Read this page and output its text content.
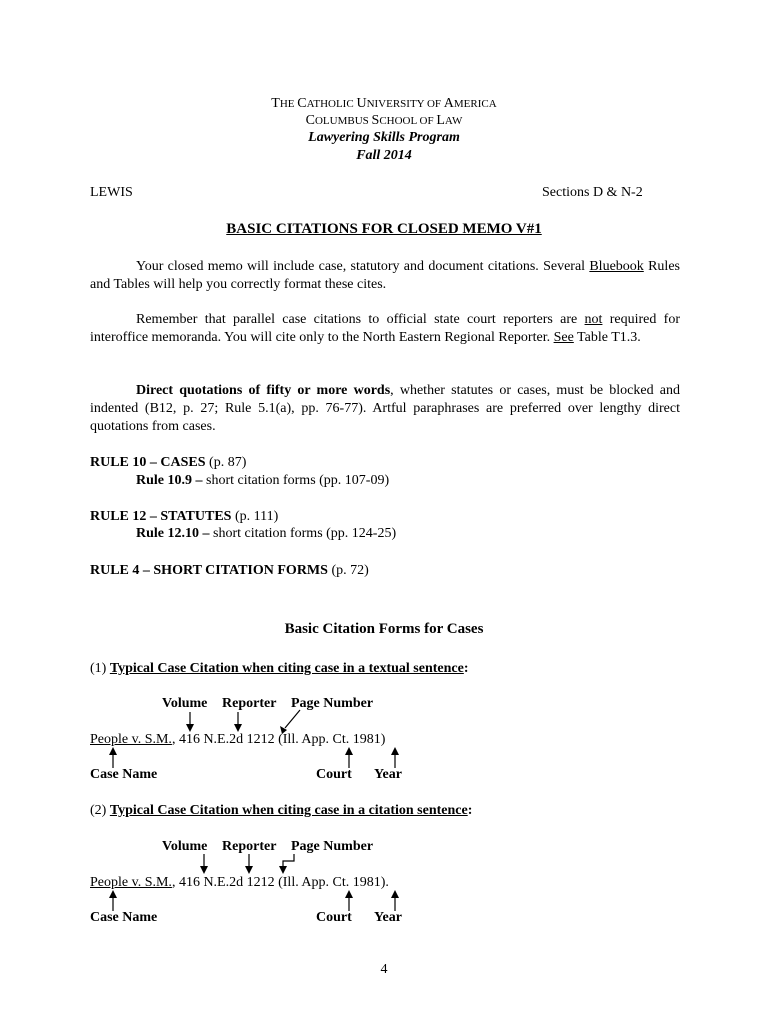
THE CATHOLIC UNIVERSITY OF AMERICA
COLUMBUS SCHOOL OF LAW
Lawyering Skills Program
Fall 2014
LEWIS	Sections D & N-2
BASIC CITATIONS FOR CLOSED MEMO V#1

Your closed memo will include case, statutory and document citations. Several Bluebook Rules and Tables will help you correctly format these cites.

Remember that parallel case citations to official state court reporters are not required for interoffice memoranda. You will cite only to the North Eastern Regional Reporter. See Table T1.3.

Direct quotations of fifty or more words, whether statutes or cases, must be blocked and indented (B12, p. 27; Rule 5.1(a), pp. 76-77). Artful paraphrases are preferred over lengthy direct quotations from cases.

RULE 10 – CASES (p. 87)
Rule 10.9 – short citation forms (pp. 107-09)
RULE 12 – STATUTES (p. 111)
Rule 12.10 – short citation forms (pp. 124-25)
RULE 4 – SHORT CITATION FORMS (p. 72)
Basic Citation Forms for Cases
(1) Typical Case Citation when citing case in a textual sentence:
Volume Reporter Page Number
People v. S.M., 416 N.E.2d 1212 (Ill. App. Ct. 1981)
Case Name	Court Year
(2) Typical Case Citation when citing case in a citation sentence:
Volume Reporter Page Number
People v. S.M., 416 N.E.2d 1212 (Ill. App. Ct. 1981).
Case Name	Court Year
4
